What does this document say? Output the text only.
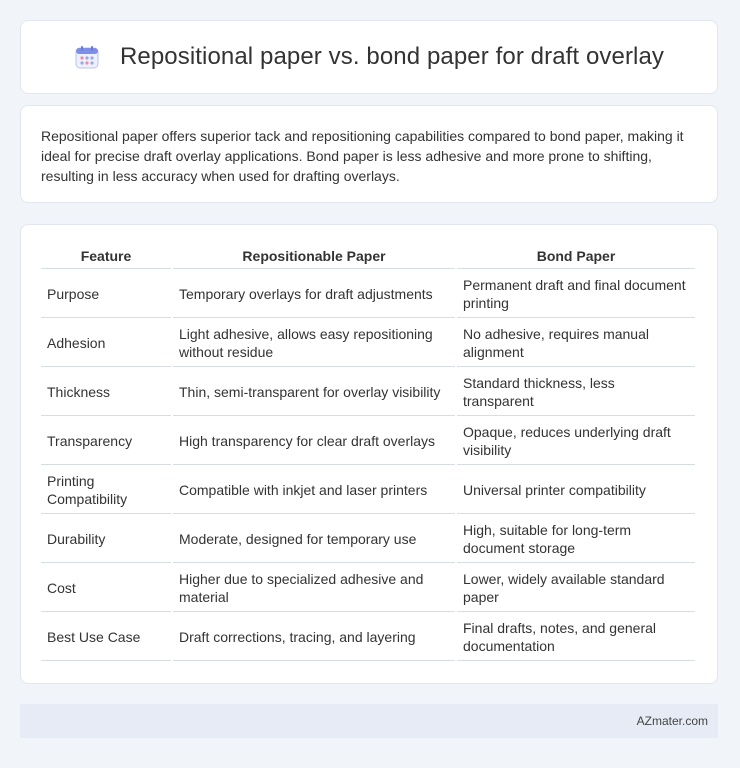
Repositional paper vs. bond paper for draft overlay

Repositional paper offers superior tack and repositioning capabilities compared to bond paper, making it ideal for precise draft overlay applications. Bond paper is less adhesive and more prone to shifting, resulting in less accuracy when used for drafting overlays.

Feature	Repositionable Paper	Bond Paper
Purpose	Temporary overlays for draft adjustments	Permanent draft and final document printing
Adhesion	Light adhesive, allows easy repositioning without residue	No adhesive, requires manual alignment
Thickness	Thin, semi-transparent for overlay visibility	Standard thickness, less transparent
Transparency	High transparency for clear draft overlays	Opaque, reduces underlying draft visibility
Printing Compatibility	Compatible with inkjet and laser printers	Universal printer compatibility
Durability	Moderate, designed for temporary use	High, suitable for long-term document storage
Cost	Higher due to specialized adhesive and material	Lower, widely available standard paper
Best Use Case	Draft corrections, tracing, and layering	Final drafts, notes, and general documentation
AZmater.com
